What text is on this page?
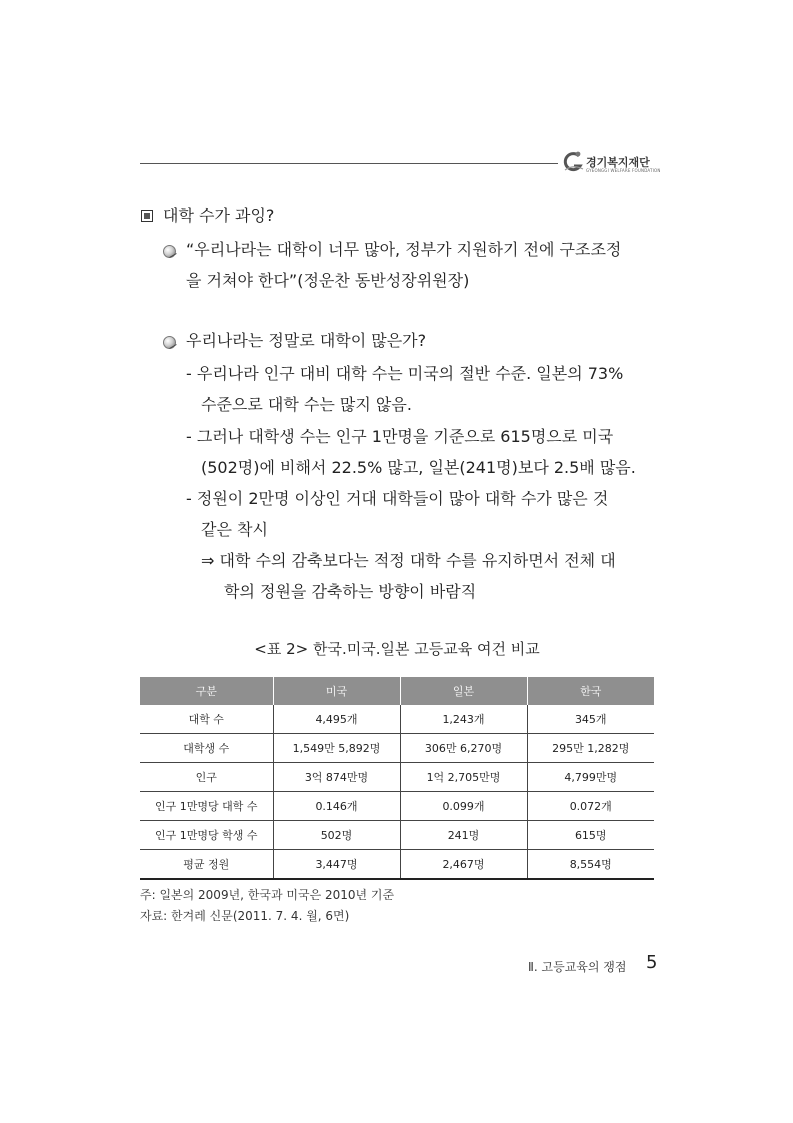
경기복지재단
GYEONGGI WELFARE FOUNDATION
대학 수가 과잉?
“우리나라는 대학이 너무 많아, 정부가 지원하기 전에 구조조정
을 거쳐야 한다”(정운찬 동반성장위원장)
우리나라는 정말로 대학이 많은가?
- 우리나라 인구 대비 대학 수는 미국의 절반 수준. 일본의 73%
수준으로 대학 수는 많지 않음.
- 그러나 대학생 수는 인구 1만명을 기준으로 615명으로 미국
(502명)에 비해서 22.5% 많고, 일본(241명)보다 2.5배 많음.
- 정원이 2만명 이상인 거대 대학들이 많아 대학 수가 많은 것
같은 착시
⇒ 대학 수의 감축보다는 적정 대학 수를 유지하면서 전체 대
학의 정원을 감축하는 방향이 바람직
<표 2> 한국.미국.일본 고등교육 여건 비교
구분	미국	일본	한국
대학 수	4,495개	1,243개	345개
대학생 수	1,549만 5,892명	306만 6,270명	295만 1,282명
인구	3억 874만명	1억 2,705만명	4,799만명
인구 1만명당 대학 수	0.146개	0.099개	0.072개
인구 1만명당 학생 수	502명	241명	615명
평균 정원	3,447명	2,467명	8,554명
주: 일본의 2009년, 한국과 미국은 2010년 기준
자료: 한겨레 신문(2011. 7. 4. 월, 6면)
Ⅱ. 고등교육의 쟁점 5
